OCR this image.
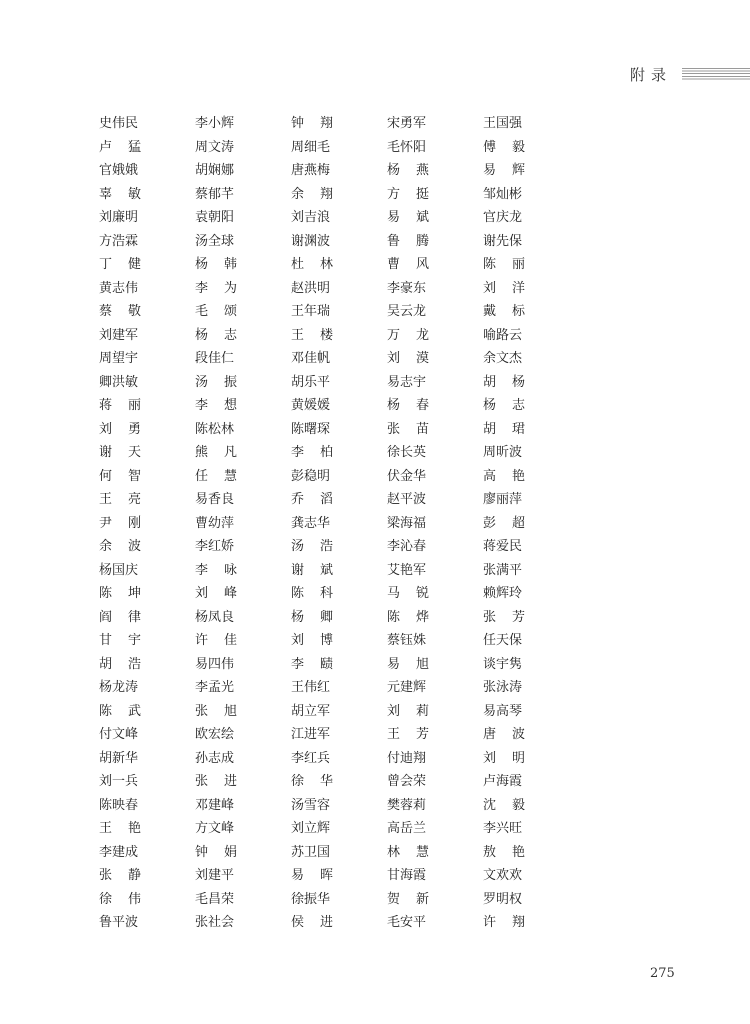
附录
史伟民	李小辉	钟 翔	宋勇军	王国强
卢 猛	周文涛	周细毛	毛怀阳	傅 毅
官娥娥	胡娴娜	唐燕梅	杨 燕	易 辉
辜 敏	蔡郁芊	余 翔	方 挺	邹灿彬
刘廉明	袁朝阳	刘吉浪	易 斌	官庆龙
方浩霖	汤全球	谢渊波	鲁 腾	谢先保
丁 健	杨 韩	杜 林	曹 风	陈 丽
黄志伟	李 为	赵洪明	李豪东	刘 洋
蔡 敬	毛 颂	王年瑞	吴云龙	戴 标
刘建军	杨 志	王 楼	万 龙	喻路云
周望宇	段佳仁	邓佳帆	刘 漠	余文杰
卿洪敏	汤 振	胡乐平	易志宇	胡 杨
蒋 丽	李 想	黄媛媛	杨 春	杨 志
刘 勇	陈松林	陈曙琛	张 苗	胡 珺
谢 天	熊 凡	李 柏	徐长英	周昕波
何 智	任 慧	彭稳明	伏金华	高 艳
王 亮	易香良	乔 滔	赵平波	廖丽萍
尹 刚	曹幼萍	龚志华	梁海福	彭 超
余 波	李红娇	汤 浩	李沁春	蒋爱民
杨国庆	李 咏	谢 斌	艾艳军	张满平
陈 坤	刘 峰	陈 科	马 锐	赖辉玲
阎 律	杨凤良	杨 卿	陈 烨	张 芳
甘 宇	许 佳	刘 博	蔡钰姝	任天保
胡 浩	易四伟	李 赜	易 旭	谈宇隽
杨龙涛	李孟光	王伟红	元建辉	张泳涛
陈 武	张 旭	胡立军	刘 莉	易高琴
付文峰	欧宏绘	江进军	王 芳	唐 波
胡新华	孙志成	李红兵	付迪翔	刘 明
刘一兵	张 进	徐 华	曾会荣	卢海霞
陈映春	邓建峰	汤雪容	樊蓉莉	沈 毅
王 艳	方文峰	刘立辉	高岳兰	李兴旺
李建成	钟 娟	苏卫国	林 慧	敖 艳
张 静	刘建平	易 晖	甘海霞	文欢欢
徐 伟	毛昌荣	徐振华	贺 新	罗明权
鲁平波	张社会	侯 进	毛安平	许 翔
275
